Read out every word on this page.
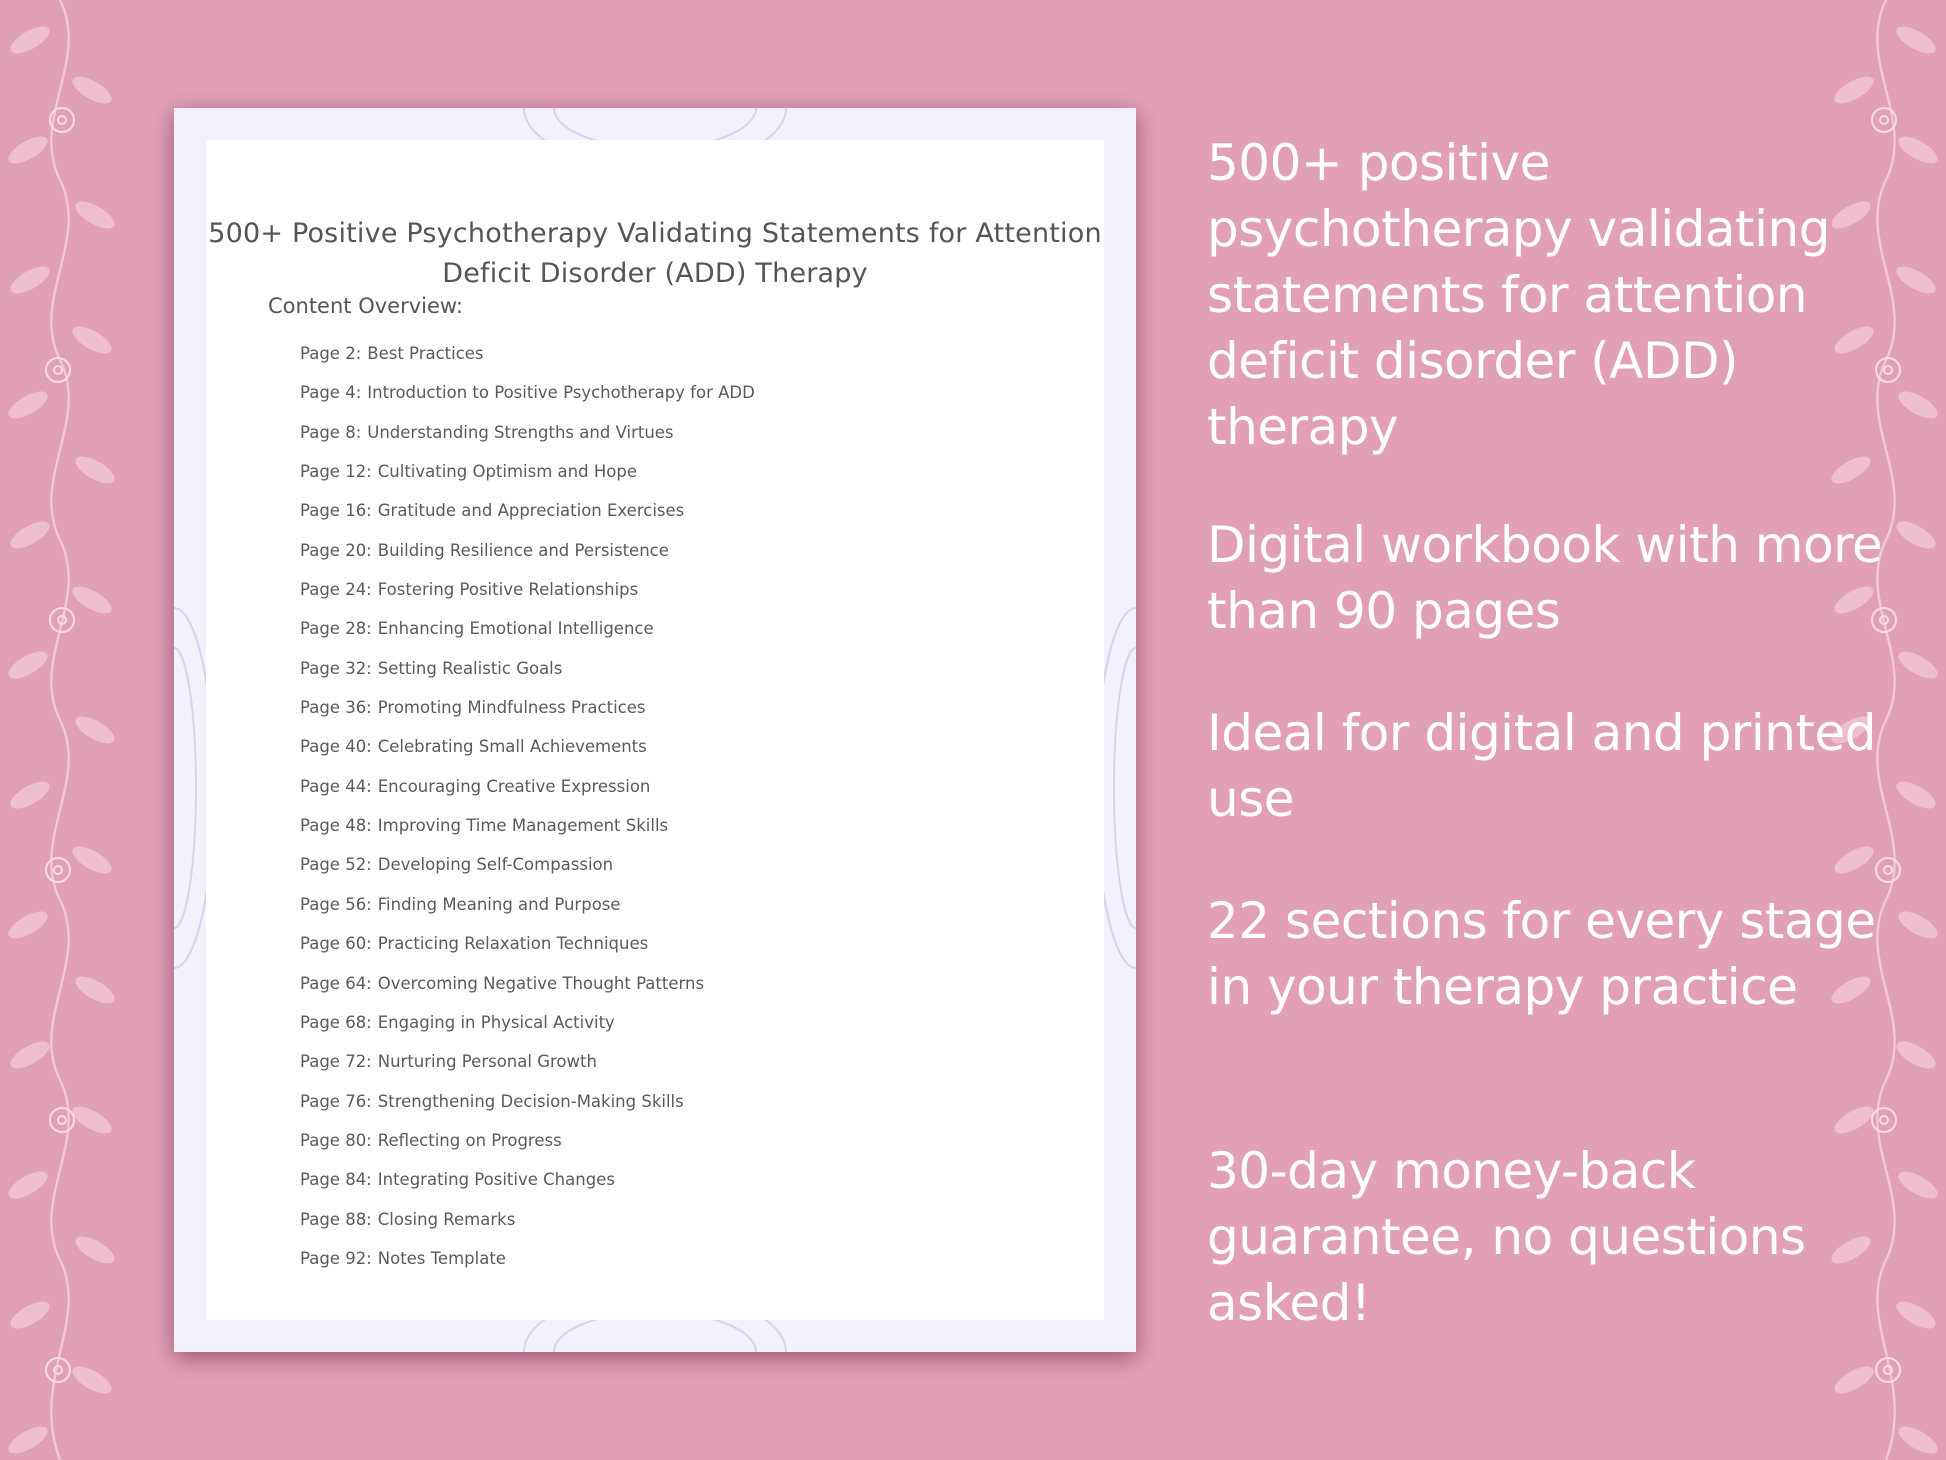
500+ Positive Psychotherapy Validating Statements for Attention Deficit Disorder (ADD) Therapy
Content Overview:
Page 2: Best Practices
Page 4: Introduction to Positive Psychotherapy for ADD
Page 8: Understanding Strengths and Virtues
Page 12: Cultivating Optimism and Hope
Page 16: Gratitude and Appreciation Exercises
Page 20: Building Resilience and Persistence
Page 24: Fostering Positive Relationships
Page 28: Enhancing Emotional Intelligence
Page 32: Setting Realistic Goals
Page 36: Promoting Mindfulness Practices
Page 40: Celebrating Small Achievements
Page 44: Encouraging Creative Expression
Page 48: Improving Time Management Skills
Page 52: Developing Self-Compassion
Page 56: Finding Meaning and Purpose
Page 60: Practicing Relaxation Techniques
Page 64: Overcoming Negative Thought Patterns
Page 68: Engaging in Physical Activity
Page 72: Nurturing Personal Growth
Page 76: Strengthening Decision-Making Skills
Page 80: Reflecting on Progress
Page 84: Integrating Positive Changes
Page 88: Closing Remarks
Page 92: Notes Template
500+ positive psychotherapy validating statements for attention deficit disorder (ADD) therapy
Digital workbook with more than 90 pages
Ideal for digital and printed use
22 sections for every stage in your therapy practice
30-day money-back guarantee, no questions asked!
